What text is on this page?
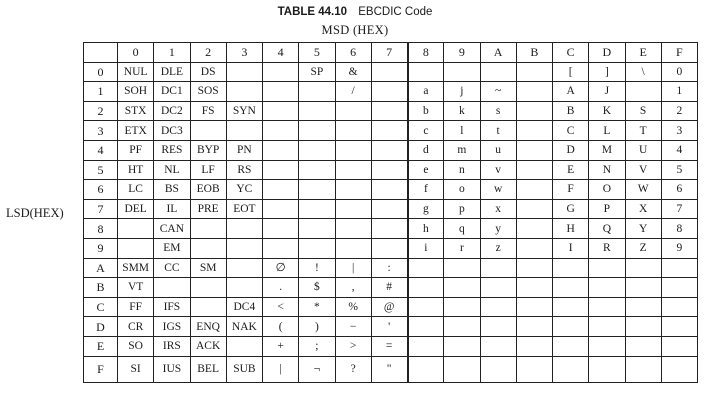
TABLE 44.10 EBCDIC Code
MSD (HEX)
LSD(HEX)
	0	1	2	3	4	5	6	7	8	9	A	B	C	D	E	F
0	NUL	DLE	DS			SP	&						[	]	\	0
1	SOH	DC1	SOS				/		a	j	~		A	J		1
2	STX	DC2	FS	SYN					b	k	s		B	K	S	2
3	ETX	DC3							c	l	t		C	L	T	3
4	PF	RES	BYP	PN					d	m	u		D	M	U	4
5	HT	NL	LF	RS					e	n	v		E	N	V	5
6	LC	BS	EOB	YC					f	o	w		F	O	W	6
7	DEL	IL	PRE	EOT					g	p	x		G	P	X	7
8		CAN							h	q	y		H	Q	Y	8
9		EM							i	r	z		I	R	Z	9
A	SMM	CC	SM		∅	!	|	:								
B	VT				.	$	,	#								
C	FF	IFS		DC4	<	*	%	@								
D	CR	IGS	ENQ	NAK	(	)	−	'								
E	SO	IRS	ACK		+	;	>	=								
F	SI	IUS	BEL	SUB	|	¬	?	"								
